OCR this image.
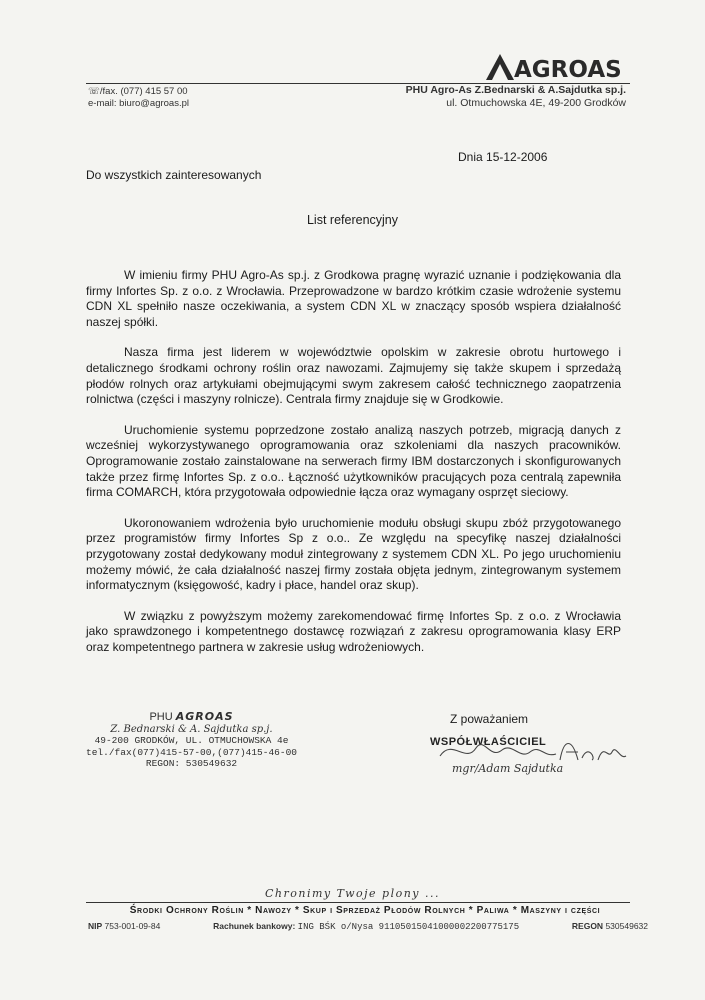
AGROAS
☏/fax. (077) 415 57 00
e-mail: biuro@agroas.pl
PHU Agro-As Z.Bednarski & A.Sajdutka sp.j.
ul. Otmuchowska 4E, 49-200 Grodków
Dnia 15-12-2006
Do wszystkich zainteresowanych
List referencyjny

W imieniu firmy PHU Agro-As sp.j. z Grodkowa pragnę wyrazić uznanie i podziękowania dla firmy Infortes Sp. z o.o. z Wrocławia. Przeprowadzone w bardzo krótkim czasie wdrożenie systemu CDN XL spełniło nasze oczekiwania, a system CDN XL w znaczący sposób wspiera działalność naszej spółki.

Nasza firma jest liderem w województwie opolskim w zakresie obrotu hurtowego i detalicznego środkami ochrony roślin oraz nawozami. Zajmujemy się także skupem i sprzedażą płodów rolnych oraz artykułami obejmującymi swym zakresem całość technicznego zaopatrzenia rolnictwa (części i maszyny rolnicze). Centrala firmy znajduje się w Grodkowie.

Uruchomienie systemu poprzedzone zostało analizą naszych potrzeb, migracją danych z wcześniej wykorzystywanego oprogramowania oraz szkoleniami dla naszych pracowników. Oprogramowanie zostało zainstalowane na serwerach firmy IBM dostarczonych i skonfigurowanych także przez firmę Infortes Sp. z o.o.. Łączność użytkowników pracujących poza centralą zapewniła firma COMARCH, która przygotowała odpowiednie łącza oraz wymagany osprzęt sieciowy.

Ukoronowaniem wdrożenia było uruchomienie modułu obsługi skupu zbóż przygotowanego przez programistów firmy Infortes Sp z o.o.. Ze względu na specyfikę naszej działalności przygotowany został dedykowany moduł zintegrowany z systemem CDN XL. Po jego uruchomieniu możemy mówić, że cała działalność naszej firmy została objęta jednym, zintegrowanym systemem informatycznym (księgowość, kadry i płace, handel oraz skup).

W związku z powyższym możemy zarekomendować firmę Infortes Sp. z o.o. z Wrocławia jako sprawdzonego i kompetentnego dostawcę rozwiązań z zakresu oprogramowania klasy ERP oraz kompetentnego partnera w zakresie usług wdrożeniowych.

PHU AGROAS
Z. Bednarski & A. Sajdutka sp.j.
49-200 GRODKÓW, UL. OTMUCHOWSKA 4e
tel./fax(077)415-57-00,(077)415-46-00
REGON: 530549632
Z poważaniem
WSPÓŁWŁAŚCICIEL
mgr/Adam Sajdutka
Chronimy Twoje plony ...
Środki Ochrony Roślin * Nawozy * Skup i Sprzedaż Płodów Rolnych * Paliwa * Maszyny i części
NIP 753-001-09-84	Rachunek bankowy: ING BŚK o/Nysa 91105015041000002200775175	REGON 530549632
